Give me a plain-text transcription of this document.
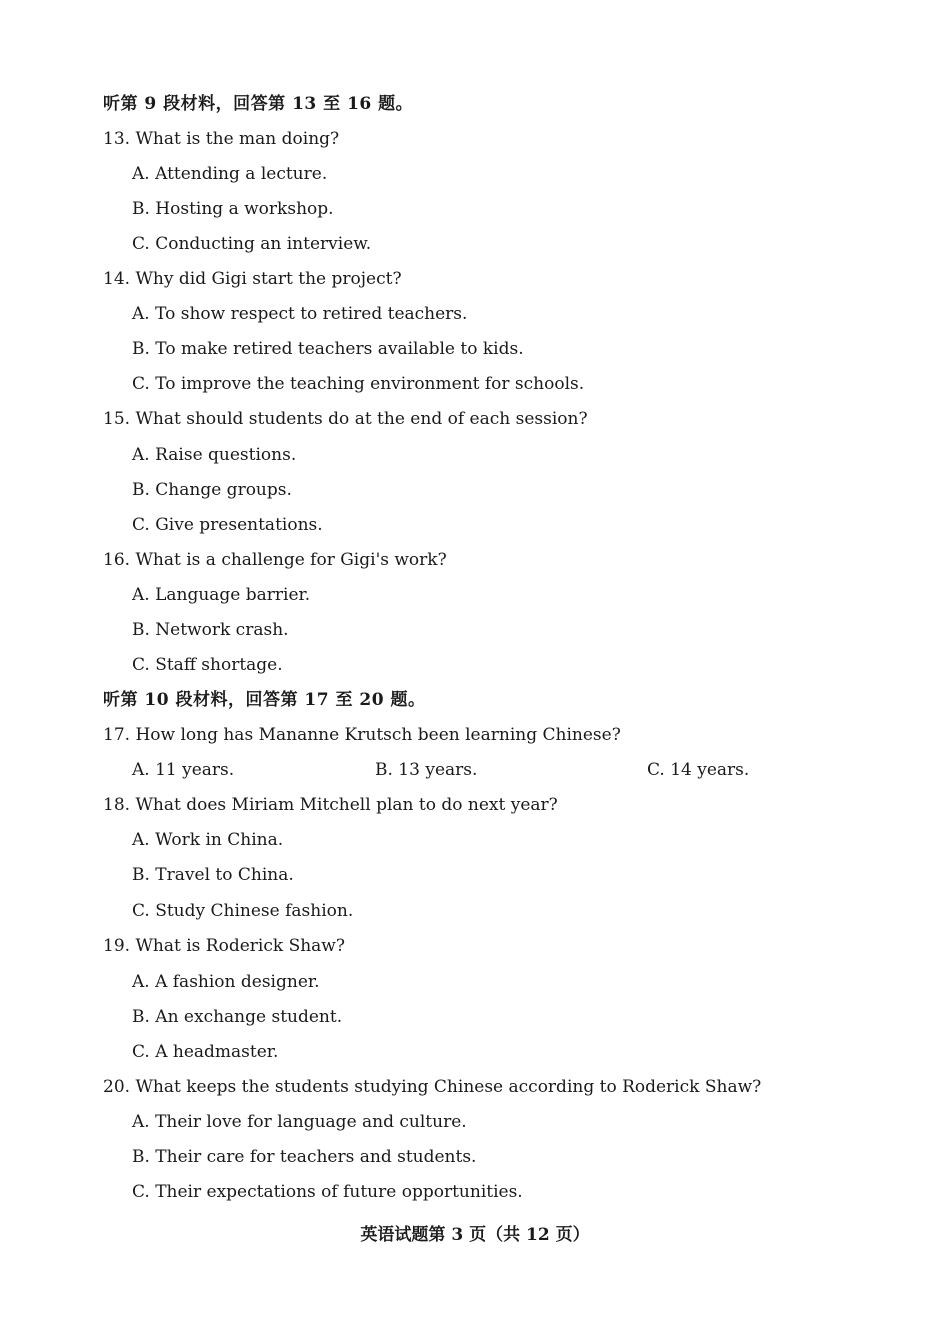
听第 9 段材料，回答第 13 至 16 题。
13. What is the man doing?
A. Attending a lecture.
B. Hosting a workshop.
C. Conducting an interview.
14. Why did Gigi start the project?
A. To show respect to retired teachers.
B. To make retired teachers available to kids.
C. To improve the teaching environment for schools.
15. What should students do at the end of each session?
A. Raise questions.
B. Change groups.
C. Give presentations.
16. What is a challenge for Gigi's work?
A. Language barrier.
B. Network crash.
C. Staff shortage.
听第 10 段材料，回答第 17 至 20 题。
17. How long has Mananne Krutsch been learning Chinese?
A. 11 years.	B. 13 years.	C. 14 years.
18. What does Miriam Mitchell plan to do next year?
A. Work in China.
B. Travel to China.
C. Study Chinese fashion.
19. What is Roderick Shaw?
A. A fashion designer.
B. An exchange student.
C. A headmaster.
20. What keeps the students studying Chinese according to Roderick Shaw?
A. Their love for language and culture.
B. Their care for teachers and students.
C. Their expectations of future opportunities.
英语试题第 3 页（共 12 页）
